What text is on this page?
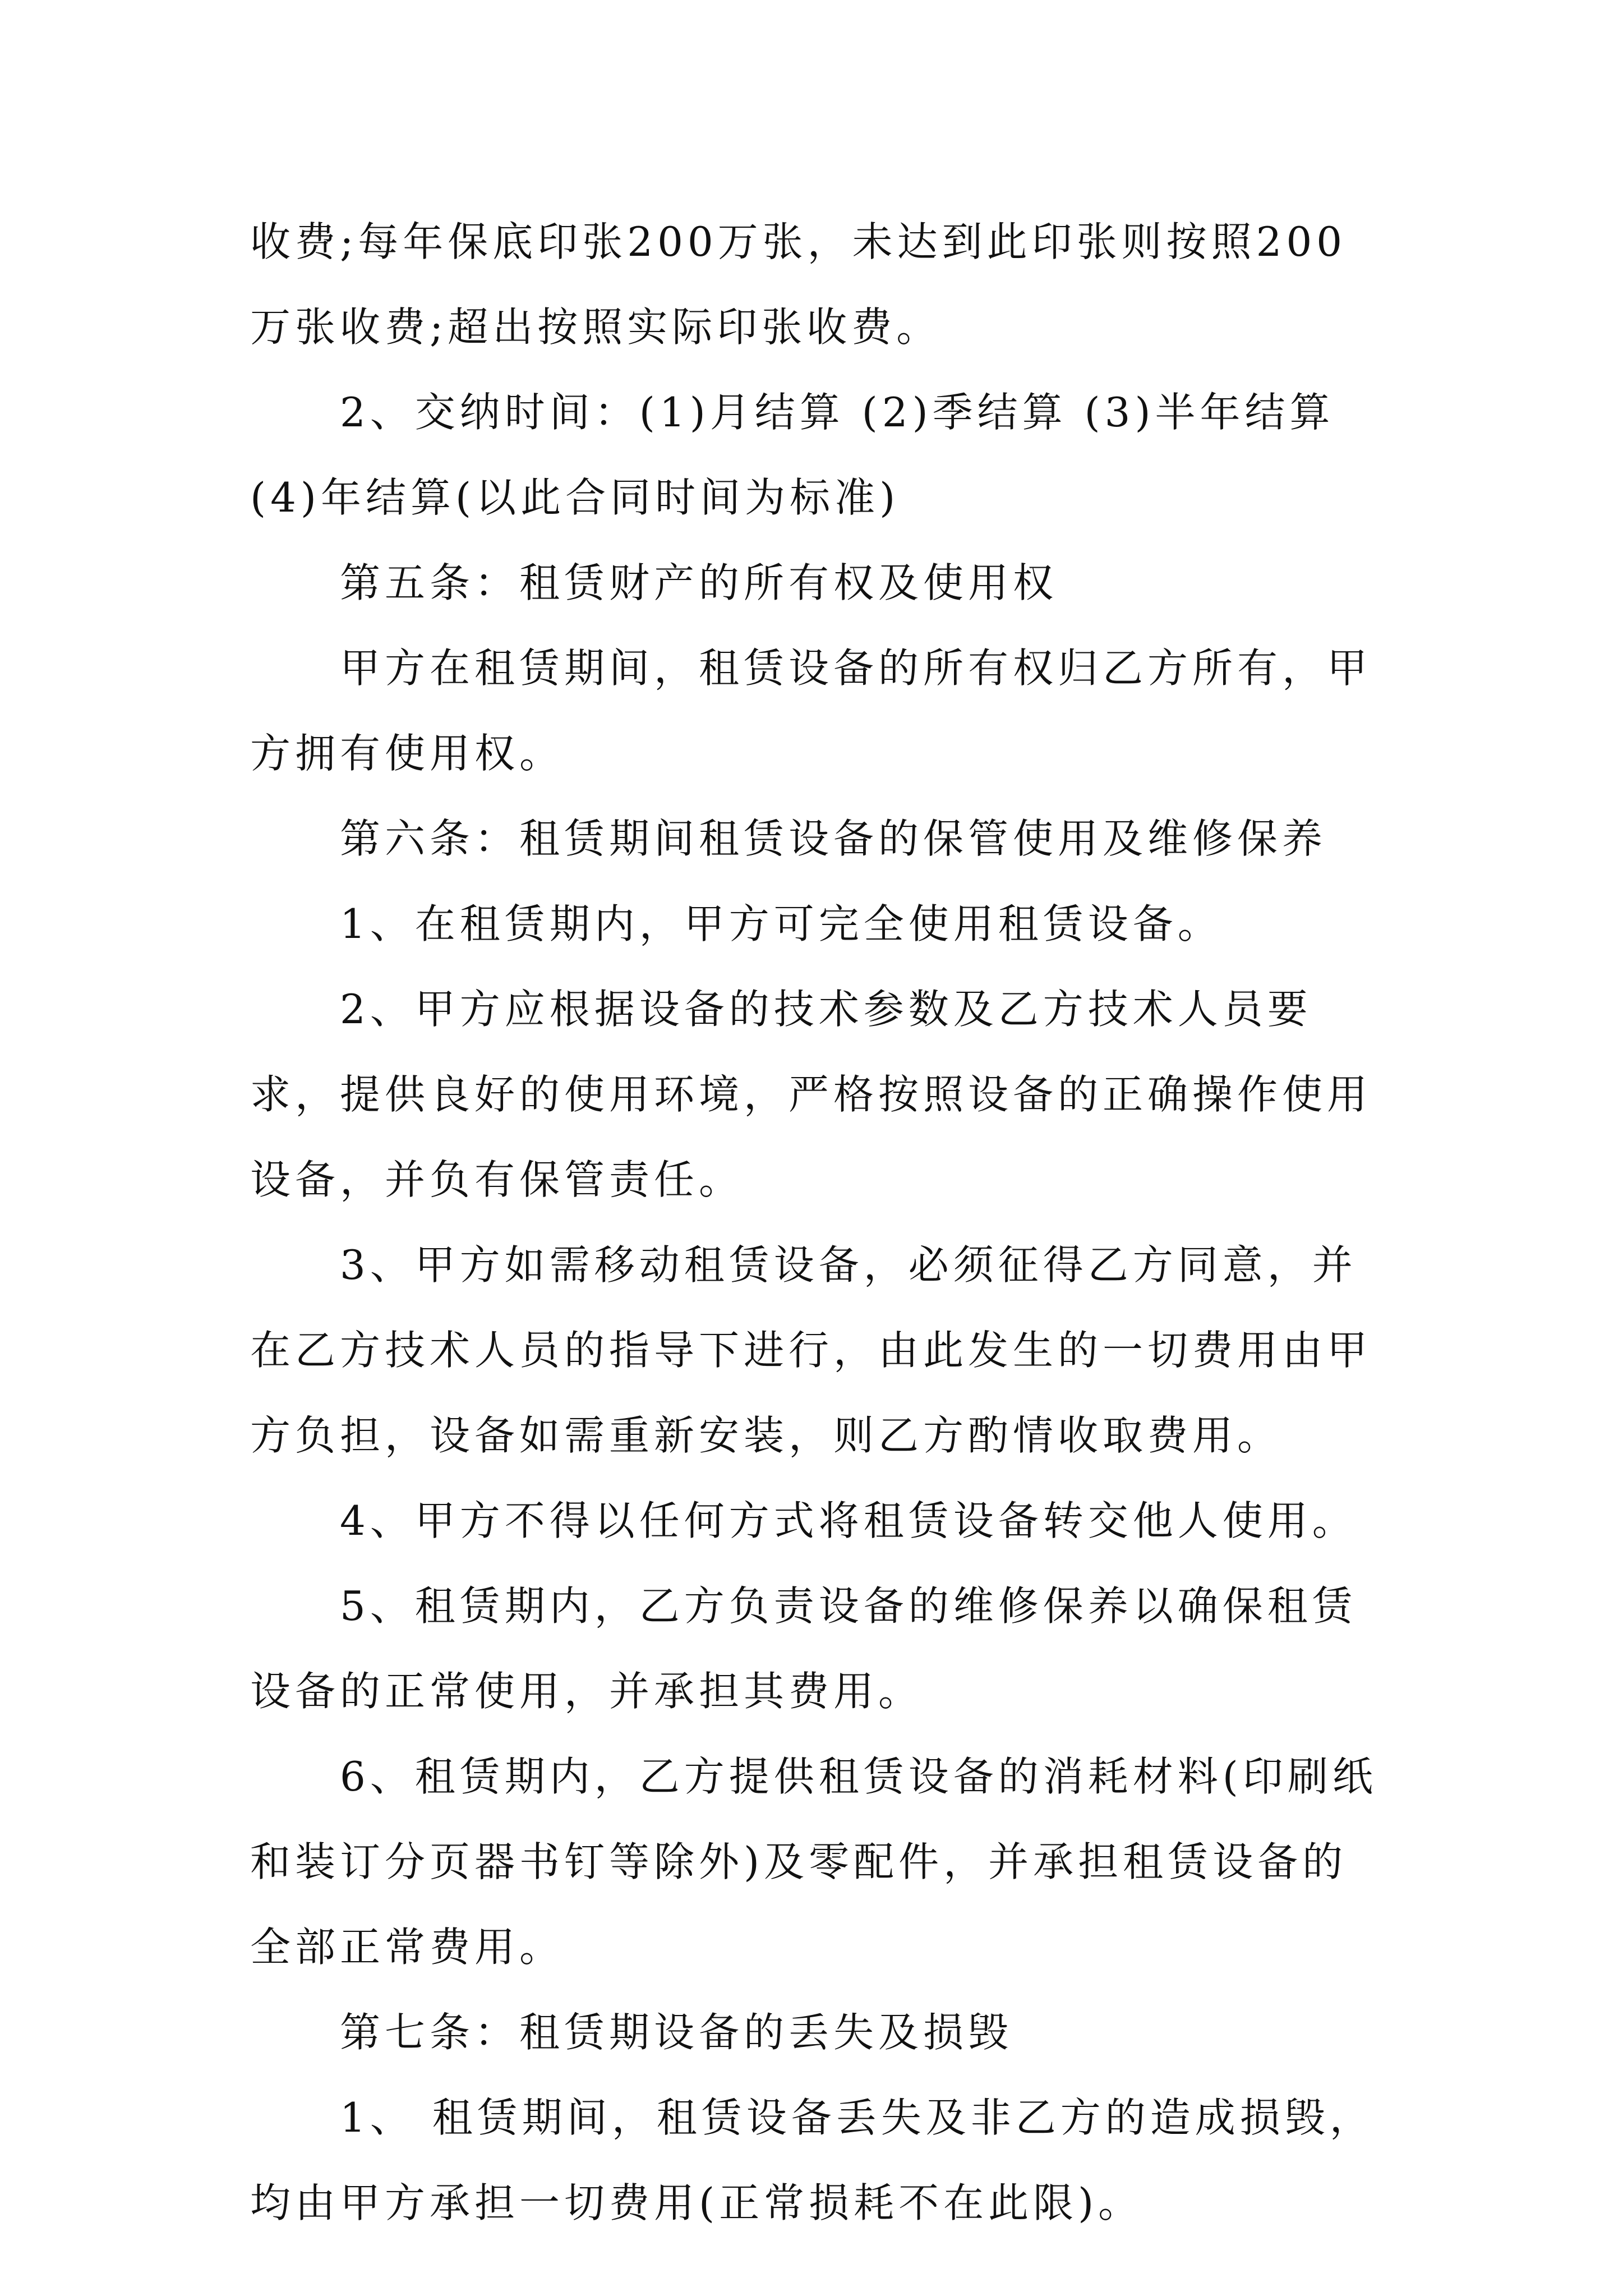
收费;每年保底印张200万张，未达到此印张则按照200万张收费;超出按照实际印张收费。

2、交纳时间：(1)月结算 (2)季结算 (3)半年结算 (4)年结算(以此合同时间为标准)

第五条：租赁财产的所有权及使用权

甲方在租赁期间，租赁设备的所有权归乙方所有，甲方拥有使用权。

第六条：租赁期间租赁设备的保管使用及维修保养

1、在租赁期内，甲方可完全使用租赁设备。

2、甲方应根据设备的技术参数及乙方技术人员要求，提供良好的使用环境，严格按照设备的正确操作使用设备，并负有保管责任。

3、甲方如需移动租赁设备，必须征得乙方同意，并在乙方技术人员的指导下进行，由此发生的一切费用由甲方负担，设备如需重新安装，则乙方酌情收取费用。

4、甲方不得以任何方式将租赁设备转交他人使用。

5、租赁期内，乙方负责设备的维修保养以确保租赁设备的正常使用，并承担其费用。

6、租赁期内，乙方提供租赁设备的消耗材料(印刷纸和装订分页器书钉等除外)及零配件，并承担租赁设备的全部正常费用。

第七条：租赁期设备的丢失及损毁

1、 租赁期间，租赁设备丢失及非乙方的造成损毁，均由甲方承担一切费用(正常损耗不在此限)。
